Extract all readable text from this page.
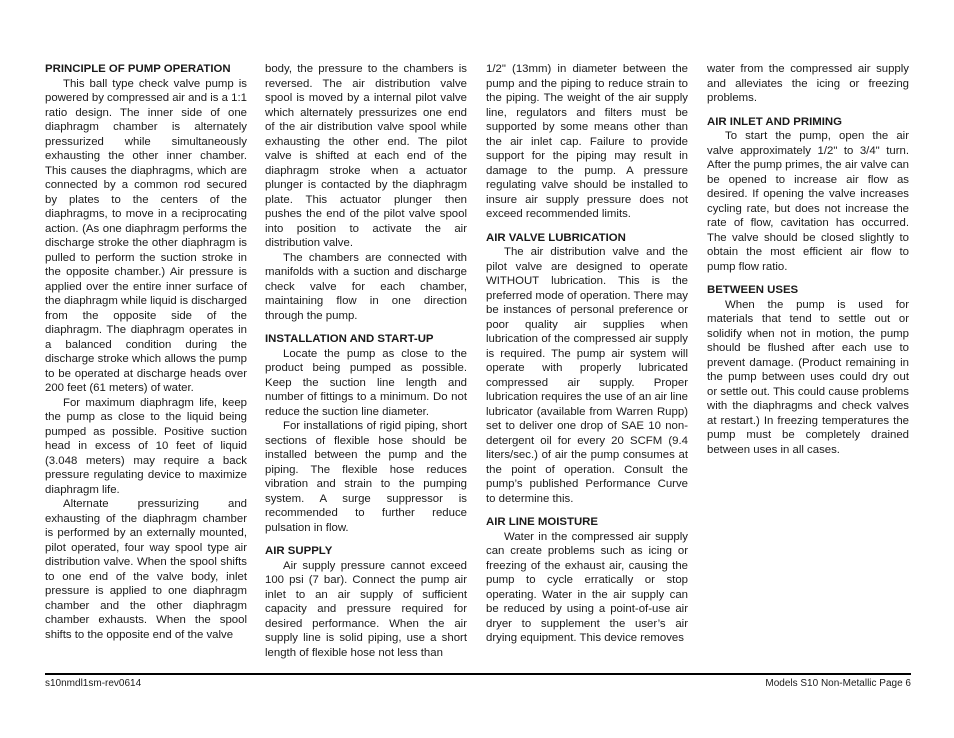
PRINCIPLE OF PUMP OPERATION

This ball type check valve pump is powered by compressed air and is a 1:1 ratio design. The inner side of one diaphragm chamber is alternately pressurized while simultaneously exhausting the other inner chamber. This causes the diaphragms, which are connected by a common rod secured by plates to the centers of the diaphragms, to move in a reciprocating action. (As one diaphragm performs the discharge stroke the other diaphragm is pulled to perform the suction stroke in the opposite chamber.) Air pressure is applied over the entire inner surface of the diaphragm while liquid is discharged from the opposite side of the diaphragm. The diaphragm operates in a balanced condition during the discharge stroke which allows the pump to be operated at discharge heads over 200 feet (61 meters) of water.

For maximum diaphragm life, keep the pump as close to the liquid being pumped as possible. Positive suction head in excess of 10 feet of liquid (3.048 meters) may require a back pressure regulating device to maximize diaphragm life.

Alternate pressurizing and exhausting of the diaphragm chamber is performed by an externally mounted, pilot operated, four way spool type air distribution valve. When the spool shifts to one end of the valve body, inlet pressure is applied to one diaphragm chamber and the other diaphragm chamber exhausts. When the spool shifts to the opposite end of the valve

body, the pressure to the chambers is reversed. The air distribution valve spool is moved by a internal pilot valve which alternately pressurizes one end of the air distribution valve spool while exhausting the other end. The pilot valve is shifted at each end of the diaphragm stroke when a actuator plunger is contacted by the diaphragm plate. This actuator plunger then pushes the end of the pilot valve spool into position to activate the air distribution valve.

The chambers are connected with manifolds with a suction and discharge check valve for each chamber, maintaining flow in one direction through the pump.

INSTALLATION AND START-UP

Locate the pump as close to the product being pumped as possible. Keep the suction line length and number of fittings to a minimum. Do not reduce the suction line diameter.

For installations of rigid piping, short sections of flexible hose should be installed between the pump and the piping. The flexible hose reduces vibration and strain to the pumping system. A surge suppressor is recommended to further reduce pulsation in flow.

AIR SUPPLY

Air supply pressure cannot exceed 100 psi (7 bar). Connect the pump air inlet to an air supply of sufficient capacity and pressure required for desired performance. When the air supply line is solid piping, use a short length of flexible hose not less than

1/2" (13mm) in diameter between the pump and the piping to reduce strain to the piping. The weight of the air supply line, regulators and filters must be supported by some means other than the air inlet cap. Failure to provide support for the piping may result in damage to the pump. A pressure regulating valve should be installed to insure air supply pressure does not exceed recommended limits.

AIR VALVE LUBRICATION

The air distribution valve and the pilot valve are designed to operate WITHOUT lubrication. This is the preferred mode of operation. There may be instances of personal preference or poor quality air supplies when lubrication of the compressed air supply is required. The pump air system will operate with properly lubricated compressed air supply. Proper lubrication requires the use of an air line lubricator (available from Warren Rupp) set to deliver one drop of SAE 10 non-detergent oil for every 20 SCFM (9.4 liters/sec.) of air the pump consumes at the point of operation. Consult the pump’s published Performance Curve to determine this.

AIR LINE MOISTURE

Water in the compressed air supply can create problems such as icing or freezing of the exhaust air, causing the pump to cycle erratically or stop operating. Water in the air supply can be reduced by using a point-of-use air dryer to supplement the user’s air drying equipment. This device removes

water from the compressed air supply and alleviates the icing or freezing problems.

AIR INLET AND PRIMING

To start the pump, open the air valve approximately 1/2" to 3/4" turn. After the pump primes, the air valve can be opened to increase air flow as desired. If opening the valve increases cycling rate, but does not increase the rate of flow, cavitation has occurred. The valve should be closed slightly to obtain the most efficient air flow to pump flow ratio.

BETWEEN USES

When the pump is used for materials that tend to settle out or solidify when not in motion, the pump should be flushed after each use to prevent damage. (Product remaining in the pump between uses could dry out or settle out. This could cause problems with the diaphragms and check valves at restart.) In freezing temperatures the pump must be completely drained between uses in all cases.

s10nmdl1sm-rev0614	Models S10 Non-Metallic Page 6
